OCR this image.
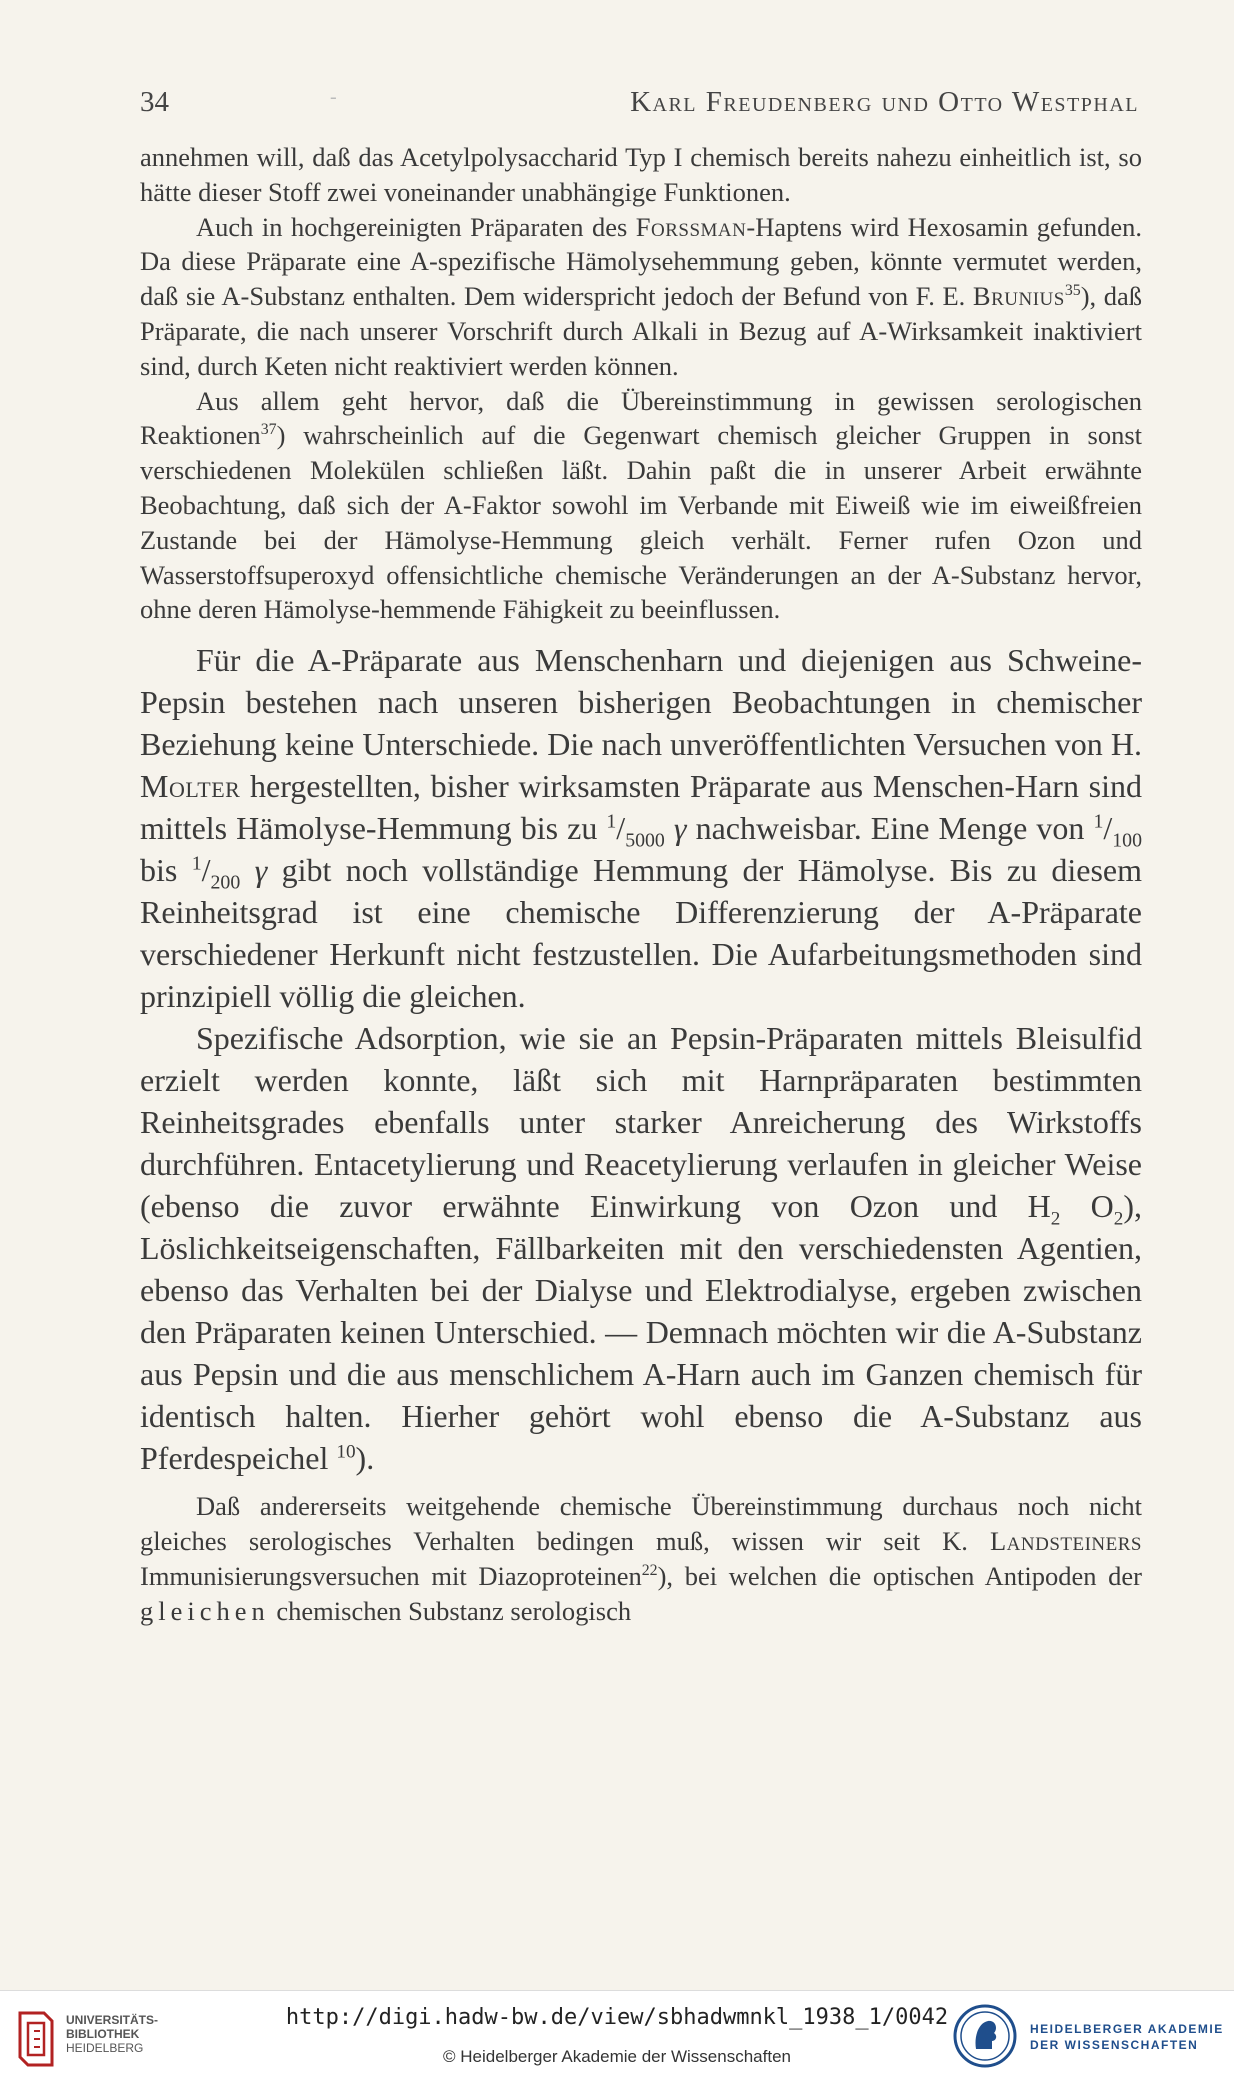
34	-	Karl Freudenberg und Otto Westphal

annehmen will, daß das Acetylpolysaccharid Typ I chemisch bereits nahezu einheitlich ist, so hätte dieser Stoff zwei voneinander unabhängige Funktionen.

Auch in hochgereinigten Präparaten des Forssman-Haptens wird Hexosamin gefunden. Da diese Präparate eine A-spezifische Hämolysehemmung geben, könnte vermutet werden, daß sie A-Substanz enthalten. Dem widerspricht jedoch der Befund von F. E. Brunius$^{35}$), daß Präparate, die nach unserer Vorschrift durch Alkali in Bezug auf A-Wirksamkeit inaktiviert sind, durch Keten nicht reaktiviert werden können.

Aus allem geht hervor, daß die Übereinstimmung in gewissen serologischen Reaktionen$^{37}$) wahrscheinlich auf die Gegenwart chemisch gleicher Gruppen in sonst verschiedenen Molekülen schließen läßt. Dahin paßt die in unserer Arbeit erwähnte Beobachtung, daß sich der A-Faktor sowohl im Verbande mit Eiweiß wie im eiweißfreien Zustande bei der Hämolyse-Hemmung gleich verhält. Ferner rufen Ozon und Wasserstoffsuperoxyd offensichtliche chemische Veränderungen an der A-Substanz hervor, ohne deren Hämolyse-hemmende Fähigkeit zu beeinflussen.

Für die A-Präparate aus Menschenharn und diejenigen aus Schweine-Pepsin bestehen nach unseren bisherigen Beobachtungen in chemischer Beziehung keine Unterschiede. Die nach unveröffentlichten Versuchen von H. Molter hergestellten, bisher wirksamsten Präparate aus Menschen-Harn sind mittels Hämolyse-Hemmung bis zu $^1/_{5000}$ γ nachweisbar. Eine Menge von $^1/_{100}$ bis $^1/_{200}$ γ gibt noch vollständige Hemmung der Hämolyse. Bis zu diesem Reinheitsgrad ist eine chemische Differenzierung der A-Präparate verschiedener Herkunft nicht festzustellen. Die Aufarbeitungsmethoden sind prinzipiell völlig die gleichen.

Spezifische Adsorption, wie sie an Pepsin-Präparaten mittels Bleisulfid erzielt werden konnte, läßt sich mit Harnpräparaten bestimmten Reinheitsgrades ebenfalls unter starker Anreicherung des Wirkstoffs durchführen. Entacetylierung und Reacetylierung verlaufen in gleicher Weise (ebenso die zuvor erwähnte Einwirkung von Ozon und $H_2$ $O_2$), Löslichkeitseigenschaften, Fällbarkeiten mit den verschiedensten Agentien, ebenso das Verhalten bei der Dialyse und Elektrodialyse, ergeben zwischen den Präparaten keinen Unterschied. — Demnach möchten wir die A-Substanz aus Pepsin und die aus menschlichem A-Harn auch im Ganzen chemisch für identisch halten. Hierher gehört wohl ebenso die A-Substanz aus Pferdespeichel $^{10}$).

Daß andererseits weitgehende chemische Übereinstimmung durchaus noch nicht gleiches serologisches Verhalten bedingen muß, wissen wir seit K. Landsteiners Immunisierungsversuchen mit Diazoproteinen$^{22}$), bei welchen die optischen Antipoden der gleichen chemischen Substanz serologisch

UNIVERSITÄTS-
BIBLIOTHEK
HEIDELBERG
http://digi.hadw-bw.de/view/sbhadwmnkl_1938_1/0042
© Heidelberger Akademie der Wissenschaften
HEIDELBERGER AKADEMIE
DER WISSENSCHAFTEN
